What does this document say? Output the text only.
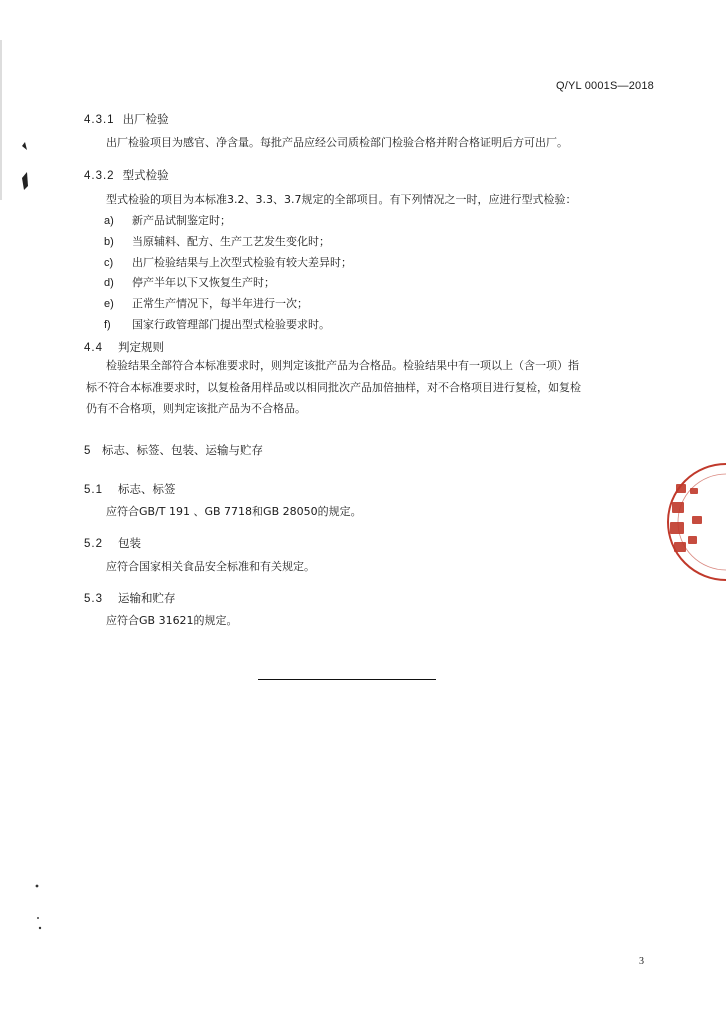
Q/YL 0001S—2018
4.3.1 出厂检验
出厂检验项目为感官、净含量。每批产品应经公司质检部门检验合格并附合格证明后方可出厂。
4.3.2 型式检验
型式检验的项目为本标准3.2、3.3、3.7规定的全部项目。有下列情况之一时，应进行型式检验：
a) 新产品试制鉴定时；
b) 当原辅料、配方、生产工艺发生变化时；
c) 出厂检验结果与上次型式检验有较大差异时；
d) 停产半年以下又恢复生产时；
e) 正常生产情况下，每半年进行一次；
f) 国家行政管理部门提出型式检验要求时。
4.4 判定规则
检验结果全部符合本标准要求时，则判定该批产品为合格品。检验结果中有一项以上（含一项）指
标不符合本标准要求时，以复检备用样品或以相同批次产品加倍抽样，对不合格项目进行复检，如复检
仍有不合格项，则判定该批产品为不合格品。
5 标志、标签、包装、运输与贮存
5.1 标志、标签
应符合GB/T 191 、GB 7718和GB 28050的规定。
5.2 包装
应符合国家相关食品安全标准和有关规定。
5.3 运输和贮存
应符合GB 31621的规定。
3
